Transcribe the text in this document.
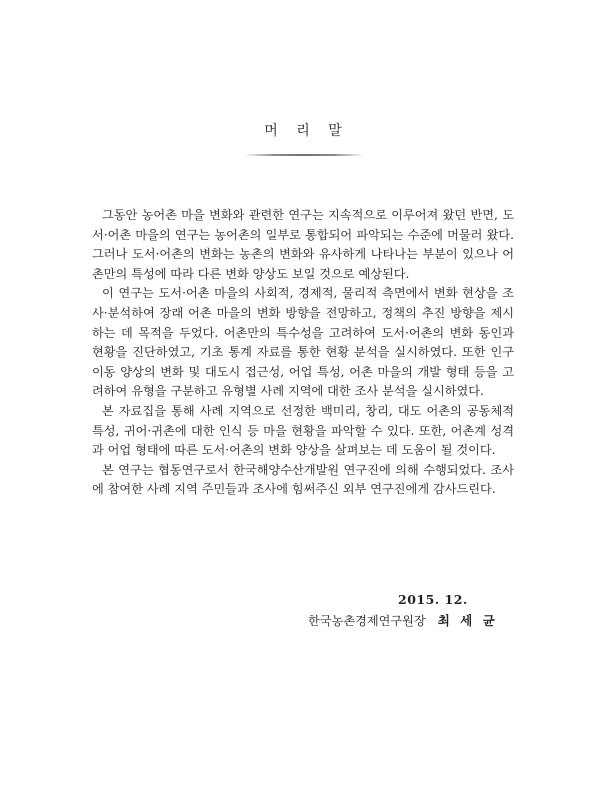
머 리 말

그동안 농어촌 마을 변화와 관련한 연구는 지속적으로 이루어져 왔던 반면, 도서·어촌 마을의 연구는 농어촌의 일부로 통합되어 파악되는 수준에 머물러 왔다. 그러나 도서·어촌의 변화는 농촌의 변화와 유사하게 나타나는 부분이 있으나 어촌만의 특성에 따라 다른 변화 양상도 보일 것으로 예상된다.

이 연구는 도서·어촌 마을의 사회적, 경제적, 물리적 측면에서 변화 현상을 조사·분석하여 장래 어촌 마을의 변화 방향을 전망하고, 정책의 추진 방향을 제시하는 데 목적을 두었다. 어촌만의 특수성을 고려하여 도서·어촌의 변화 동인과 현황을 진단하였고, 기초 통계 자료를 통한 현황 분석을 실시하였다. 또한 인구이동 양상의 변화 및 대도시 접근성, 어업 특성, 어촌 마을의 개발 형태 등을 고려하여 유형을 구분하고 유형별 사례 지역에 대한 조사 분석을 실시하였다.

본 자료집을 통해 사례 지역으로 선정한 백미리, 창리, 대도 어촌의 공동체적 특성, 귀어·귀촌에 대한 인식 등 마을 현황을 파악할 수 있다. 또한, 어촌계 성격과 어업 형태에 따른 도서·어촌의 변화 양상을 살펴보는 데 도움이 될 것이다.

본 연구는 협동연구로서 한국해양수산개발원 연구진에 의해 수행되었다. 조사에 참여한 사례 지역 주민들과 조사에 힘써주신 외부 연구진에게 감사드린다.

2015. 12.
한국농촌경제연구원장 최 세 균
